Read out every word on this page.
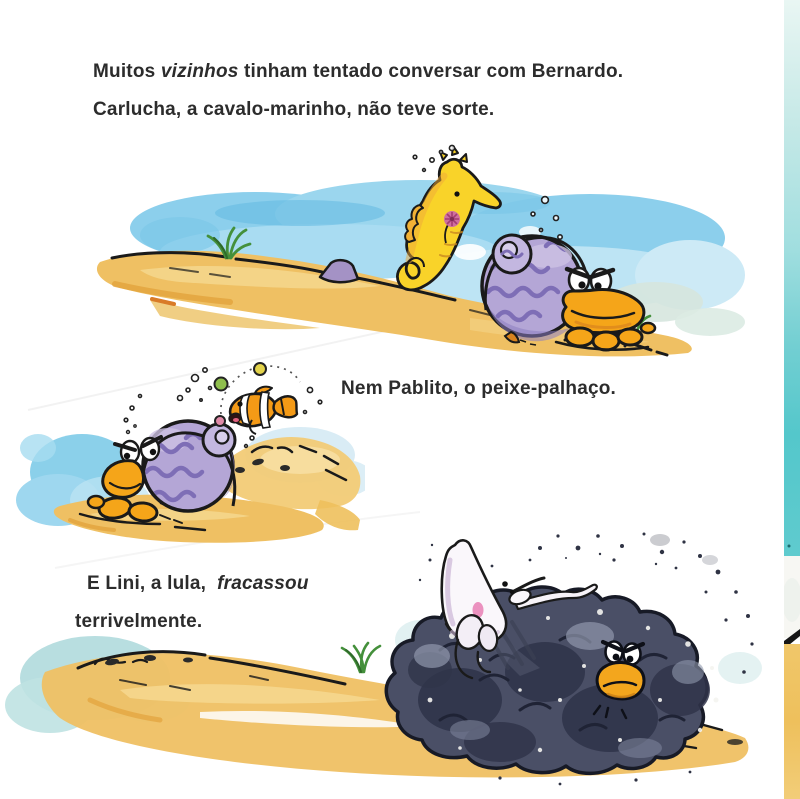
Muitos vizinhos tinham tentado conversar com Bernardo.

Carlucha, a cavalo-marinho, não teve sorte.

Nem Pablito, o peixe-palhaço.

E Lini, a lula,  fracassou

terrivelmente.
